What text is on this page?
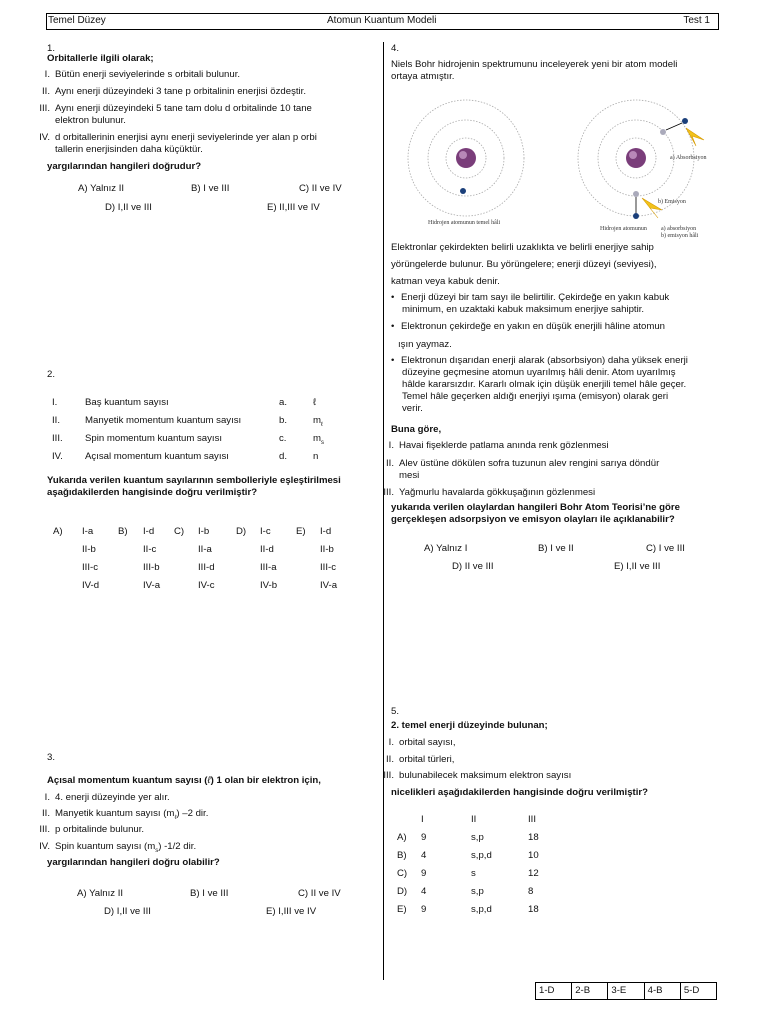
Temel Düzey	Atomun Kuantum Modeli	Test 1
1.
Orbitallerle ilgili olarak;
I. Bütün enerji seviyelerinde s orbitali bulunur.
II. Aynı enerji düzeyindeki 3 tane p orbitalinin enerjisi özdeştir.
III. Aynı enerji düzeyindeki 5 tane tam dolu d orbitalinde 10 tane
elektron bulunur.
IV. d orbitallerinin enerjisi aynı enerji seviyelerinde yer alan p orbi
tallerin enerjisinden daha küçüktür.
yargılarından hangileri doğrudur?
A) Yalnız II	B) I ve III	C) II ve IV
D) I,II ve III	E) II,III ve IV
2.
I.	Baş kuantum sayısı	a.	ℓ
II.	Manyetik momentum kuantum sayısı	b.	$m_\ell$
III. Spin momentum kuantum sayısı	c.	$m_s$
IV. Açısal momentum kuantum sayısı	d.	n
Yukarıda verilen kuantum sayılarının sembolleriyle eşleştirilmesi
aşağıdakilerden hangisinde doğru verilmiştir?
A) I-a
II-b
III-c
IV-d
B) I-d
II-c
III-b
IV-a
C) I-b
II-a
III-d
IV-c
D) I-c
II-d
III-a
IV-b
E) I-d
II-b
III-c
IV-a
3.
Açısal momentum kuantum sayısı (ℓ) 1 olan bir elektron için,
I. 4. enerji düzeyinde yer alır.
II. Manyetik kuantum sayısı $(m_\ell)$ –2 dir.
III. p orbitalinde bulunur.
IV. Spin kuantum sayısı $(m_s)$ -1/2 dir.
yargılarından hangileri doğru olabilir?
A) Yalnız II	B) I ve III	C) II ve IV
D) I,II ve III	E) I,III ve IV
4.
Niels Bohr hidrojenin spektrumunu inceleyerek yeni bir atom modeli
ortaya atmıştır.
Hidrojen atomunun temel hâli
a) Absorbsiyon
b) Emisyon
Hidrojen atomunun a) absorbsiyon
b) emisyon hâli
Elektronlar çekirdekten belirli uzaklıkta ve belirli enerjiye sahip
yörüngelerde bulunur. Bu yörüngelere; enerji düzeyi (seviyesi),
katman veya kabuk denir.
• Enerji düzeyi bir tam sayı ile belirtilir. Çekirdeğe en yakın kabuk
minimum, en uzaktaki kabuk maksimum enerjiye sahiptir.
• Elektronun çekirdeğe en yakın en düşük enerjili hâline atomun
ışın yaymaz.
• Elektronun dışarıdan enerji alarak (absorbsiyon) daha yüksek enerji
düzeyine geçmesine atomun uyarılmış hâli denir. Atom uyarılmış
hâlde kararsızdır. Kararlı olmak için düşük enerjili temel hâle geçer.
Temel hâle geçerken aldığı enerjiyi ışıma (emisyon) olarak geri
verir.
Buna göre,
I. Havai fişeklerde patlama anında renk gözlenmesi
II. Alev üstüne dökülen sofra tuzunun alev rengini sarıya döndür
mesi
III. Yağmurlu havalarda gökkuşağının gözlenmesi
yukarıda verilen olaylardan hangileri Bohr Atom Teorisi’ne göre
gerçekleşen adsorpsiyon ve emisyon olayları ile açıklanabilir?
A) Yalnız I	B) I ve II	C) I ve III
D) II ve III	E) I,II ve III
5.
2. temel enerji düzeyinde bulunan;
I. orbital sayısı,
II. orbital türleri,
III. bulunabilecek maksimum elektron sayısı
nicelikleri aşağıdakilerden hangisinde doğru verilmiştir?
I	II	III
A) 9	s,p	18
B) 4	s,p,d	10
C) 9	s	12
D) 4	s,p	8
E) 9	s,p,d	18
1-D	2-B	3-E	4-B	5-D
